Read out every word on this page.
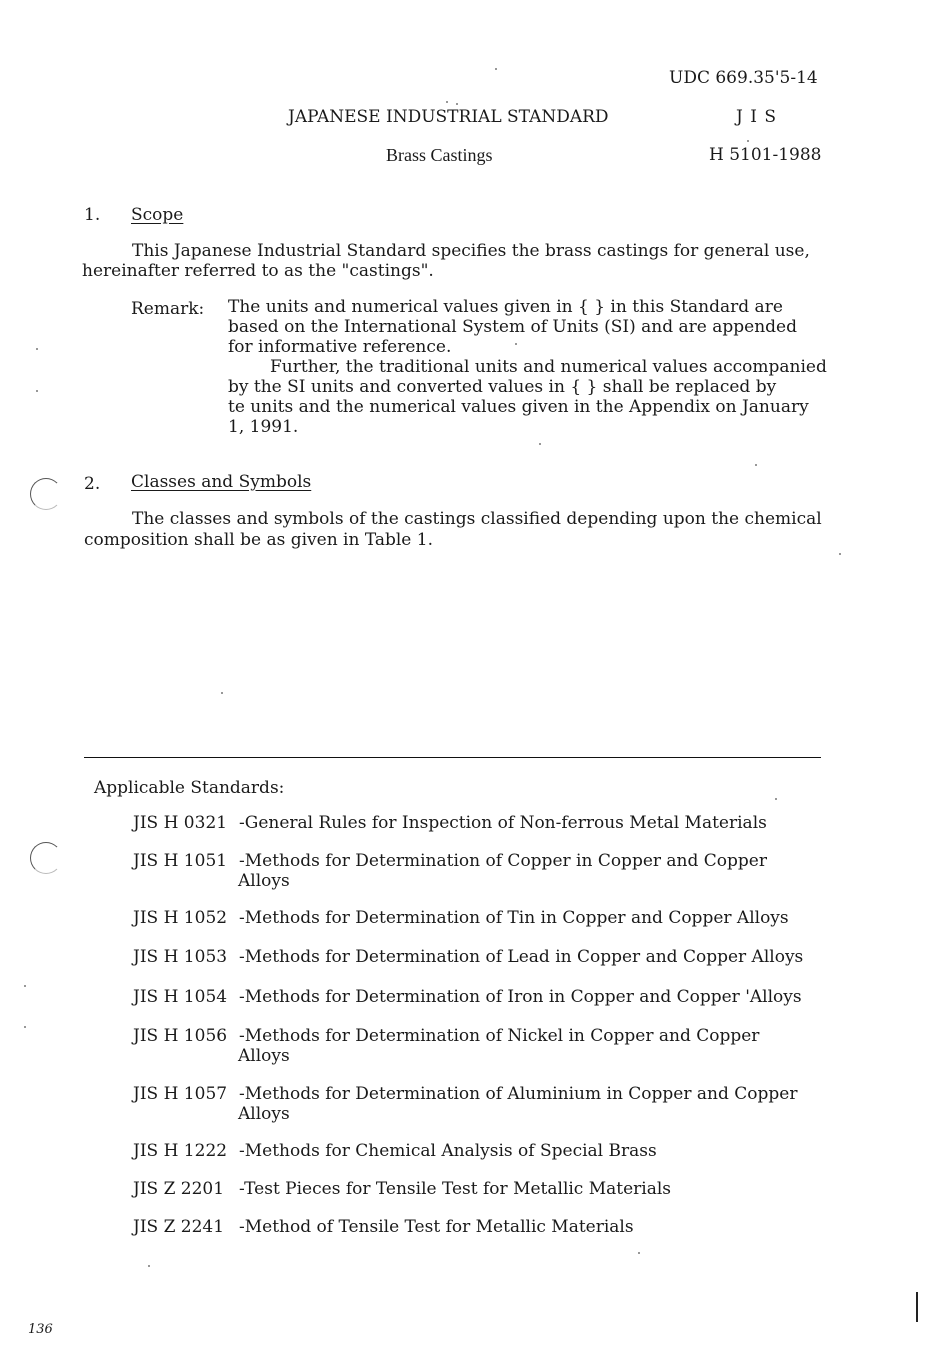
UDC 669.35'5-14
JAPANESE INDUSTRIAL STANDARD	J I S
Brass Castings	H 5101-1988
1. Scope
This Japanese Industrial Standard specifies the brass castings for general use,
hereinafter referred to as the "castings".
Remark: The units and numerical values given in { } in this Standard are
based on the International System of Units (SI) and are appended
for informative reference.
Further, the traditional units and numerical values accompanied
by the SI units and converted values in { } shall be replaced by
te units and the numerical values given in the Appendix on January
1, 1991.
2. Classes and Symbols
The classes and symbols of the castings classified depending upon the chemical
composition shall be as given in Table 1.
Applicable Standards:
JIS H 0321 -General Rules for Inspection of Non-ferrous Metal Materials
JIS H 1051 -Methods for Determination of Copper in Copper and Copper
Alloys
JIS H 1052 -Methods for Determination of Tin in Copper and Copper Alloys
JIS H 1053 -Methods for Determination of Lead in Copper and Copper Alloys
JIS H 1054 -Methods for Determination of Iron in Copper and Copper 'Alloys
JIS H 1056 -Methods for Determination of Nickel in Copper and Copper
Alloys
JIS H 1057 -Methods for Determination of Aluminium in Copper and Copper
Alloys
JIS H 1222 -Methods for Chemical Analysis of Special Brass
JIS Z 2201 -Test Pieces for Tensile Test for Metallic Materials
JIS Z 2241 -Method of Tensile Test for Metallic Materials
136
